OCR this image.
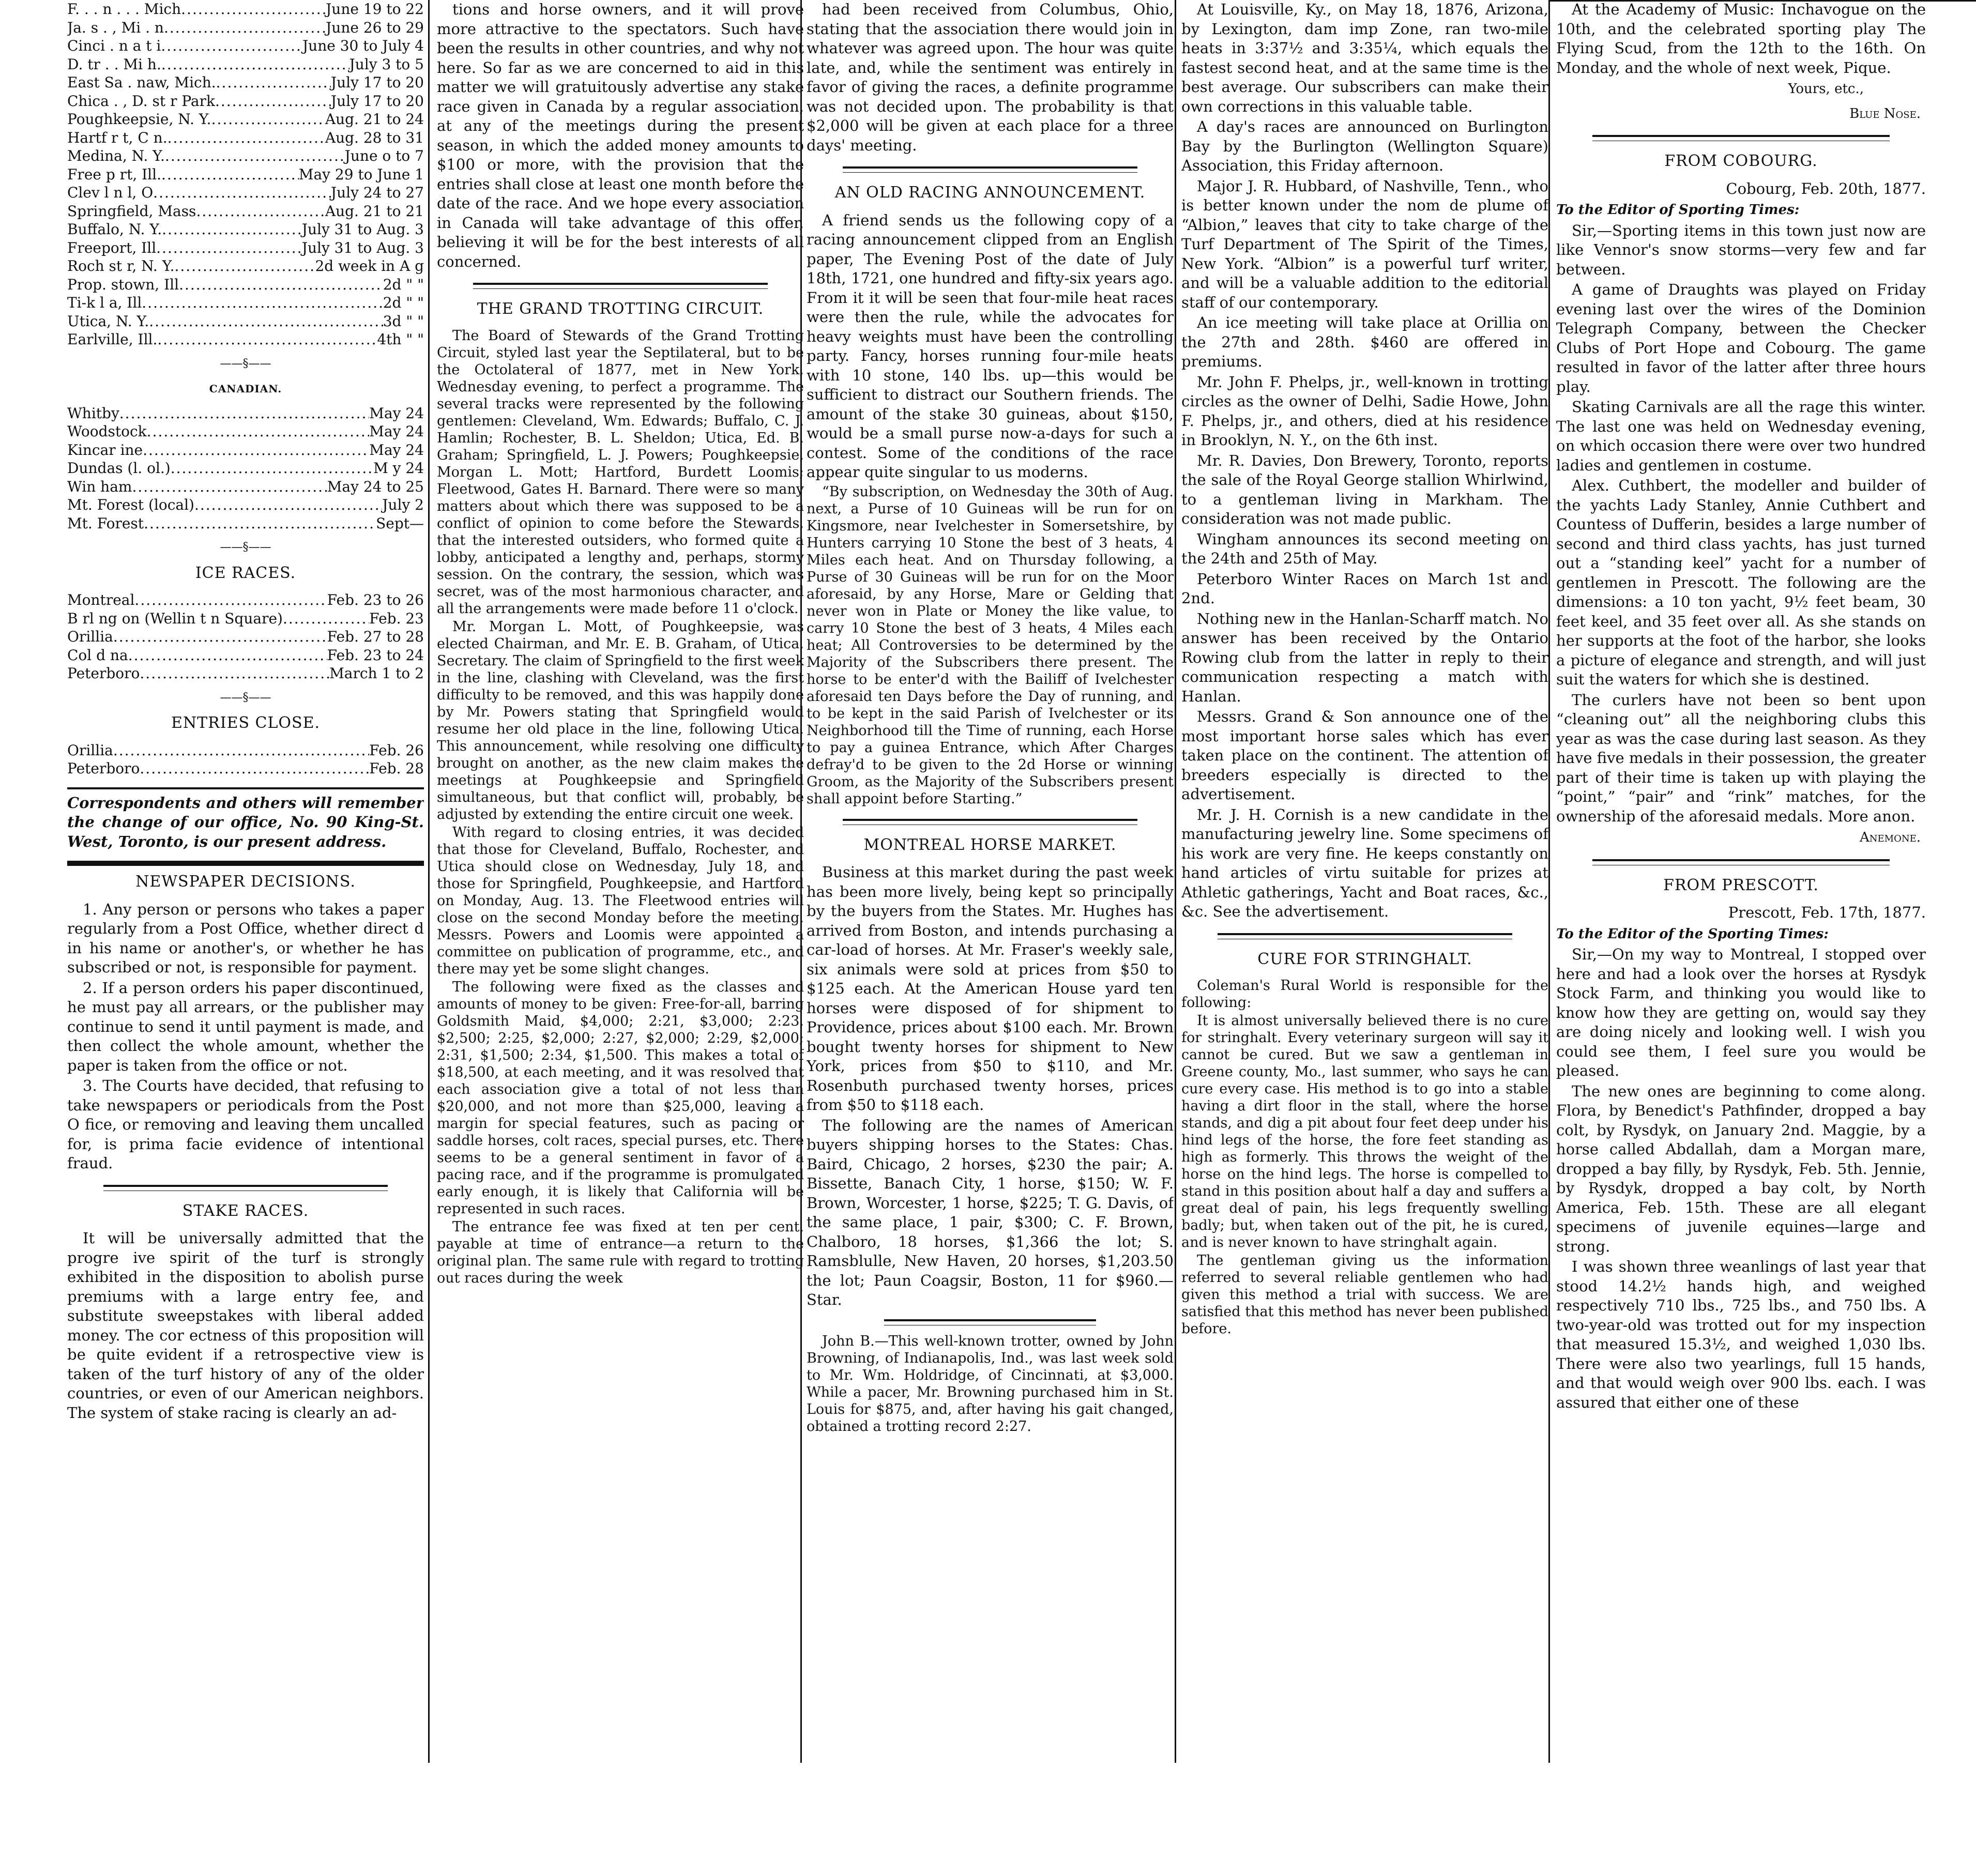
F. . . n . . . Mich .....	June 19 to 22
Ja. s . , Mi . n .....	June 26 to 29
Cinci . n a t i .....	June 30 to July 4
D. tr . . Mi h. .....	July 3 to 5
East Sa . naw, Mich. .....	July 17 to 20
Chica . , D. st r Park .....	July 17 to 20
Poughkeepsie, N. Y. .....	Aug. 21 to 24
Hartf r t, C n. .....	Aug. 28 to 31
Medina, N. Y. .....	June o to 7
Free p rt, Ill. .....	May 29 to June 1
Clev l n l, O .....	July 24 to 27
Springfield, Mass .....	Aug. 21 to 21
Buffalo, N. Y. .....	July 31 to Aug. 3
Freeport, Ill .....	July 31 to Aug. 3
Roch st r, N. Y. .....	2d week in A g
Prop. stown, Ill .....	2d " "
Ti-k l a, Ill .....	2d " "
Utica, N. Y. .....	3d " "
Earlville, Ill. .....	4th " "
——§——
CANADIAN.
Whitby .....	May 24
Woodstock .....	May 24
Kincar ine .....	May 24
Dundas (l. ol.) .....	M y 24
Win ham .....	May 24 to 25
Mt. Forest (local) .....	July 2
Mt. Forest .....	Sept—
——§——
ICE RACES.
Montreal .....	Feb. 23 to 26
B rl ng on (Wellin t n Square) .....	Feb. 23
Orillia .....	Feb. 27 to 28
Col d na .....	Feb. 23 to 24
Peterboro .....	March 1 to 2
——§——
ENTRIES CLOSE.
Orillia .....	Feb. 26
Peterboro .....	Feb. 28

Correspondents and others will remember the change of our office, No. 90 King-St. West, Toronto, is our present address.

NEWSPAPER DECISIONS.

1. Any person or persons who takes a paper regularly from a Post Office, whether direct d in his name or another's, or whether he has subscribed or not, is responsible for payment.

2. If a person orders his paper discontinued, he must pay all arrears, or the publisher may continue to send it until payment is made, and then collect the whole amount, whether the paper is taken from the office or not.

3. The Courts have decided, that refusing to take newspapers or periodicals from the Post O fice, or removing and leaving them uncalled for, is prima facie evidence of intentional fraud.

STAKE RACES.

It will be universally admitted that the progre ive spirit of the turf is strongly exhibited in the disposition to abolish purse premiums with a large entry fee, and substitute sweepstakes with liberal added money. The cor ectness of this proposition will be quite evident if a retrospective view is taken of the turf history of any of the older countries, or even of our American neighbors. The system of stake racing is clearly an ad-

tions and horse owners, and it will prove more attractive to the spectators. Such have been the results in other countries, and why not here. So far as we are concerned to aid in this matter we will gratuitously advertise any stake race given in Canada by a regular association, at any of the meetings during the present season, in which the added money amounts to $100 or more, with the provision that the entries shall close at least one month before the date of the race. And we hope every association in Canada will take advantage of this offer, believing it will be for the best interests of all concerned.

THE GRAND TROTTING CIRCUIT.

The Board of Stewards of the Grand Trotting Circuit, styled last year the Septilateral, but to be the Octolateral of 1877, met in New York, Wednesday evening, to perfect a programme. The several tracks were represented by the following gentlemen: Cleveland, Wm. Edwards; Buffalo, C. J. Hamlin; Rochester, B. L. Sheldon; Utica, Ed. B. Graham; Springfield, L. J. Powers; Poughkeepsie, Morgan L. Mott; Hartford, Burdett Loomis; Fleetwood, Gates H. Barnard. There were so many matters about which there was supposed to be a conflict of opinion to come before the Stewards, that the interested outsiders, who formed quite a lobby, anticipated a lengthy and, perhaps, stormy session. On the contrary, the session, which was secret, was of the most harmonious character, and all the arrangements were made before 11 o'clock.

Mr. Morgan L. Mott, of Poughkeepsie, was elected Chairman, and Mr. E. B. Graham, of Utica, Secretary. The claim of Springfield to the first week in the line, clashing with Cleveland, was the first difficulty to be removed, and this was happily done by Mr. Powers stating that Springfield would resume her old place in the line, following Utica. This announcement, while resolving one difficulty brought on another, as the new claim makes the meetings at Poughkeepsie and Springfield simultaneous, but that conflict will, probably, be adjusted by extending the entire circuit one week.

With regard to closing entries, it was decided that those for Cleveland, Buffalo, Rochester, and Utica should close on Wednesday, July 18, and those for Springfield, Poughkeepsie, and Hartford on Monday, Aug. 13. The Fleetwood entries will close on the second Monday before the meeting. Messrs. Powers and Loomis were appointed a committee on publication of programme, etc., and there may yet be some slight changes.

The following were fixed as the classes and amounts of money to be given: Free-for-all, barring Goldsmith Maid, $4,000; 2:21, $3,000; 2:23, $2,500; 2:25, $2,000; 2:27, $2,000; 2:29, $2,000; 2:31, $1,500; 2:34, $1,500. This makes a total of $18,500, at each meeting, and it was resolved that each association give a total of not less than $20,000, and not more than $25,000, leaving a margin for special features, such as pacing or saddle horses, colt races, special purses, etc. There seems to be a general sentiment in favor of a pacing race, and if the programme is promulgated early enough, it is likely that California will be represented in such races.

The entrance fee was fixed at ten per cent. payable at time of entrance—a return to the original plan. The same rule with regard to trotting out races during the week

had been received from Columbus, Ohio, stating that the association there would join in whatever was agreed upon. The hour was quite late, and, while the sentiment was entirely in favor of giving the races, a definite programme was not decided upon. The probability is that $2,000 will be given at each place for a three days' meeting.

AN OLD RACING ANNOUNCEMENT.

A friend sends us the following copy of a racing announcement clipped from an English paper, The Evening Post of the date of July 18th, 1721, one hundred and fifty-six years ago. From it it will be seen that four-mile heat races were then the rule, while the advocates for heavy weights must have been the controlling party. Fancy, horses running four-mile heats with 10 stone, 140 lbs. up—this would be sufficient to distract our Southern friends. The amount of the stake 30 guineas, about $150, would be a small purse now-a-days for such a contest. Some of the conditions of the race appear quite singular to us moderns.

“By subscription, on Wednesday the 30th of Aug. next, a Purse of 10 Guineas will be run for on Kingsmore, near Ivelchester in Somersetshire, by Hunters carrying 10 Stone the best of 3 heats, 4 Miles each heat. And on Thursday following, a Purse of 30 Guineas will be run for on the Moor aforesaid, by any Horse, Mare or Gelding that never won in Plate or Money the like value, to carry 10 Stone the best of 3 heats, 4 Miles each heat; All Controversies to be determined by the Majority of the Subscribers there present. The horse to be enter'd with the Bailiff of Ivelchester aforesaid ten Days before the Day of running, and to be kept in the said Parish of Ivelchester or its Neighborhood till the Time of running, each Horse to pay a guinea Entrance, which After Charges defray'd to be given to the 2d Horse or winning Groom, as the Majority of the Subscribers present shall appoint before Starting.”

MONTREAL HORSE MARKET.

Business at this market during the past week has been more lively, being kept so principally by the buyers from the States. Mr. Hughes has arrived from Boston, and intends purchasing a car-load of horses. At Mr. Fraser's weekly sale, six animals were sold at prices from $50 to $125 each. At the American House yard ten horses were disposed of for shipment to Providence, prices about $100 each. Mr. Brown bought twenty horses for shipment to New York, prices from $50 to $110, and Mr. Rosenbuth purchased twenty horses, prices from $50 to $118 each.

The following are the names of American buyers shipping horses to the States: Chas. Baird, Chicago, 2 horses, $230 the pair; A. Bissette, Banach City, 1 horse, $150; W. F. Brown, Worcester, 1 horse, $225; T. G. Davis, of the same place, 1 pair, $300; C. F. Brown, Chalboro, 18 horses, $1,366 the lot; S. Ramsblulle, New Haven, 20 horses, $1,203.50 the lot; Paun Coagsir, Boston, 11 for $960.—Star.

John B.—This well-known trotter, owned by John Browning, of Indianapolis, Ind., was last week sold to Mr. Wm. Holdridge, of Cincinnati, at $3,000. While a pacer, Mr. Browning purchased him in St. Louis for $875, and, after having his gait changed, obtained a trotting record 2:27.

At Louisville, Ky., on May 18, 1876, Arizona, by Lexington, dam imp Zone, ran two-mile heats in 3:37½ and 3:35¼, which equals the fastest second heat, and at the same time is the best average. Our subscribers can make their own corrections in this valuable table.

A day's races are announced on Burlington Bay by the Burlington (Wellington Square) Association, this Friday afternoon.

Major J. R. Hubbard, of Nashville, Tenn., who is better known under the nom de plume of “Albion,” leaves that city to take charge of the Turf Department of The Spirit of the Times, New York. “Albion” is a powerful turf writer, and will be a valuable addition to the editorial staff of our contemporary.

An ice meeting will take place at Orillia on the 27th and 28th. $460 are offered in premiums.

Mr. John F. Phelps, jr., well-known in trotting circles as the owner of Delhi, Sadie Howe, John F. Phelps, jr., and others, died at his residence in Brooklyn, N. Y., on the 6th inst.

Mr. R. Davies, Don Brewery, Toronto, reports the sale of the Royal George stallion Whirlwind, to a gentleman living in Markham. The consideration was not made public.

Wingham announces its second meeting on the 24th and 25th of May.

Peterboro Winter Races on March 1st and 2nd.

Nothing new in the Hanlan-Scharff match. No answer has been received by the Ontario Rowing club from the latter in reply to their communication respecting a match with Hanlan.

Messrs. Grand & Son announce one of the most important horse sales which has ever taken place on the continent. The attention of breeders especially is directed to the advertisement.

Mr. J. H. Cornish is a new candidate in the manufacturing jewelry line. Some specimens of his work are very fine. He keeps constantly on hand articles of virtu suitable for prizes at Athletic gatherings, Yacht and Boat races, &c., &c. See the advertisement.

CURE FOR STRINGHALT.

Coleman's Rural World is responsible for the following:

It is almost universally believed there is no cure for stringhalt. Every veterinary surgeon will say it cannot be cured. But we saw a gentleman in Greene county, Mo., last summer, who says he can cure every case. His method is to go into a stable having a dirt floor in the stall, where the horse stands, and dig a pit about four feet deep under his hind legs of the horse, the fore feet standing as high as formerly. This throws the weight of the horse on the hind legs. The horse is compelled to stand in this position about half a day and suffers a great deal of pain, his legs frequently swelling badly; but, when taken out of the pit, he is cured, and is never known to have stringhalt again.

The gentleman giving us the information referred to several reliable gentlemen who had given this method a trial with success. We are satisfied that this method has never been published before.

At the Academy of Music: Inchavogue on the 10th, and the celebrated sporting play The Flying Scud, from the 12th to the 16th. On Monday, and the whole of next week, Pique.

Yours, etc.,
Blue Nose.
FROM COBOURG.
Cobourg, Feb. 20th, 1877.

To the Editor of Sporting Times:

Sir,—Sporting items in this town just now are like Vennor's snow storms—very few and far between.

A game of Draughts was played on Friday evening last over the wires of the Dominion Telegraph Company, between the Checker Clubs of Port Hope and Cobourg. The game resulted in favor of the latter after three hours play.

Skating Carnivals are all the rage this winter. The last one was held on Wednesday evening, on which occasion there were over two hundred ladies and gentlemen in costume.

Alex. Cuthbert, the modeller and builder of the yachts Lady Stanley, Annie Cuthbert and Countess of Dufferin, besides a large number of second and third class yachts, has just turned out a “standing keel” yacht for a number of gentlemen in Prescott. The following are the dimensions: a 10 ton yacht, 9½ feet beam, 30 feet keel, and 35 feet over all. As she stands on her supports at the foot of the harbor, she looks a picture of elegance and strength, and will just suit the waters for which she is destined.

The curlers have not been so bent upon “cleaning out” all the neighboring clubs this year as was the case during last season. As they have five medals in their possession, the greater part of their time is taken up with playing the “point,” “pair” and “rink” matches, for the ownership of the aforesaid medals. More anon.

Anemone.
FROM PRESCOTT.
Prescott, Feb. 17th, 1877.

To the Editor of the Sporting Times:

Sir,—On my way to Montreal, I stopped over here and had a look over the horses at Rysdyk Stock Farm, and thinking you would like to know how they are getting on, would say they are doing nicely and looking well. I wish you could see them, I feel sure you would be pleased.

The new ones are beginning to come along. Flora, by Benedict's Pathfinder, dropped a bay colt, by Rysdyk, on January 2nd. Maggie, by a horse called Abdallah, dam a Morgan mare, dropped a bay filly, by Rysdyk, Feb. 5th. Jennie, by Rysdyk, dropped a bay colt, by North America, Feb. 15th. These are all elegant specimens of juvenile equines—large and strong.

I was shown three weanlings of last year that stood 14.2½ hands high, and weighed respectively 710 lbs., 725 lbs., and 750 lbs. A two-year-old was trotted out for my inspection that measured 15.3½, and weighed 1,030 lbs. There were also two yearlings, full 15 hands, and that would weigh over 900 lbs. each. I was assured that either one of these
